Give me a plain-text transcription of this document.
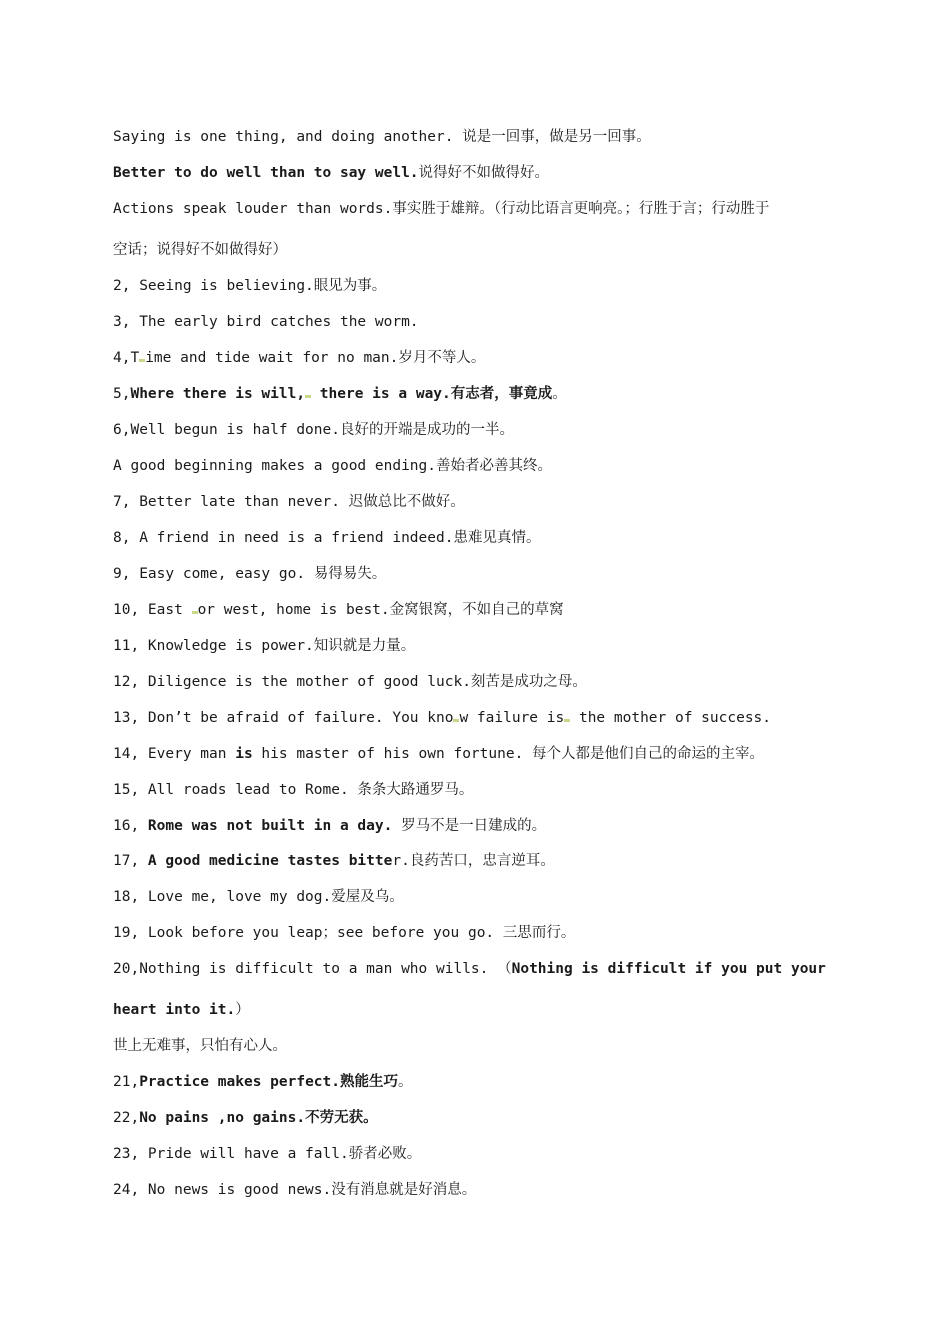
Saying is one thing, and doing another. 说是一回事，做是另一回事。
Better to do well than to say well.说得好不如做得好。
Actions speak louder than words.事实胜于雄辩。（行动比语言更响亮。；行胜于言；行动胜于
空话；说得好不如做得好）
2, Seeing is believing.眼见为事。
3, The early bird catches the worm.
4,T ime and tide wait for no man.岁月不等人。
5,Where there is will, there is a way.有志者，事竟成。
6,Well begun is half done.良好的开端是成功的一半。
A good beginning makes a good ending.善始者必善其终。
7, Better late than never. 迟做总比不做好。
8, A friend in need is a friend indeed.患难见真情。
9, Easy come, easy go. 易得易失。
10, East or west, home is best.金窝银窝，不如自己的草窝
11, Knowledge is power.知识就是力量。
12, Diligence is the mother of good luck.刻苦是成功之母。
13, Don’t be afraid of failure. You kno w failure is the mother of success.
14, Every man is his master of his own fortune. 每个人都是他们自己的命运的主宰。
15, All roads lead to Rome. 条条大路通罗马。
16, Rome was not built in a day. 罗马不是一日建成的。
17, A good medicine tastes bitter.良药苦口，忠言逆耳。
18, Love me, love my dog.爱屋及乌。
19, Look before you leap；see before you go. 三思而行。
20,Nothing is difficult to a man who wills. （Nothing is difficult if you put your
heart into it.）
世上无难事，只怕有心人。
21,Practice makes perfect.熟能生巧。
22,No pains ,no gains.不劳无获。
23, Pride will have a fall.骄者必败。
24, No news is good news.没有消息就是好消息。
